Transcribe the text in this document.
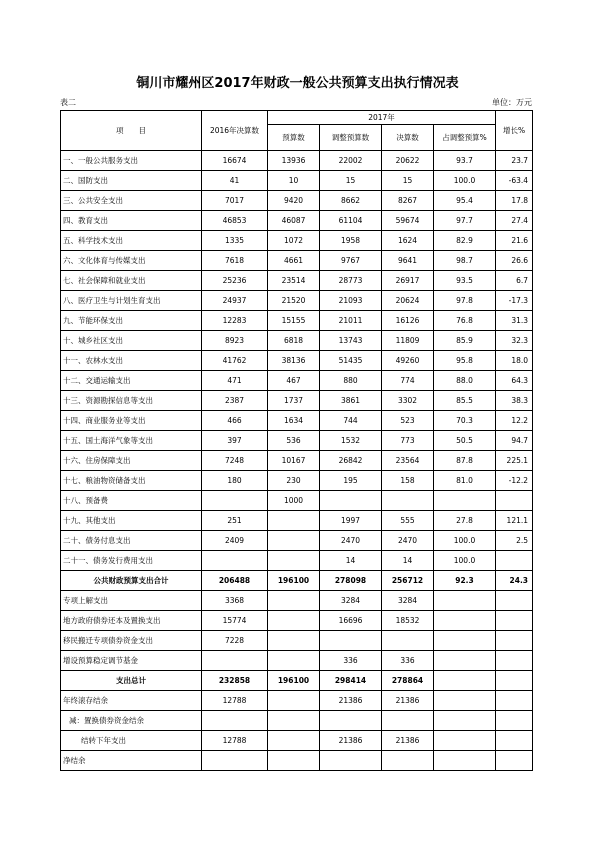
铜川市耀州区2017年财政一般公共预算支出执行情况表
表二	单位：万元
项　　目	2016年决算数	2017年				增长%
		预算数	调整预算数	决算数	占调整预算%	
一、一般公共服务支出	16674	13936	22002	20622	93.7	23.7
二、国防支出	41	10	15	15	100.0	-63.4
三、公共安全支出	7017	9420	8662	8267	95.4	17.8
四、教育支出	46853	46087	61104	59674	97.7	27.4
五、科学技术支出	1335	1072	1958	1624	82.9	21.6
六、文化体育与传媒支出	7618	4661	9767	9641	98.7	26.6
七、社会保障和就业支出	25236	23514	28773	26917	93.5	6.7
八、医疗卫生与计划生育支出	24937	21520	21093	20624	97.8	-17.3
九、节能环保支出	12283	15155	21011	16126	76.8	31.3
十、城乡社区支出	8923	6818	13743	11809	85.9	32.3
十一、农林水支出	41762	38136	51435	49260	95.8	18.0
十二、交通运输支出	471	467	880	774	88.0	64.3
十三、资源勘探信息等支出	2387	1737	3861	3302	85.5	38.3
十四、商业服务业等支出	466	1634	744	523	70.3	12.2
十五、国土海洋气象等支出	397	536	1532	773	50.5	94.7
十六、住房保障支出	7248	10167	26842	23564	87.8	225.1
十七、粮油物资储备支出	180	230	195	158	81.0	-12.2
十八、预备费		1000				
十九、其他支出	251		1997	555	27.8	121.1
二十、债务付息支出	2409		2470	2470	100.0	2.5
二十一、债务发行费用支出			14	14	100.0	
公共财政预算支出合计	206488	196100	278098	256712	92.3	24.3
专项上解支出	3368		3284	3284		
地方政府债券还本及置换支出	15774		16696	18532		
移民搬迁专项债券资金支出	7228					
增设预算稳定调节基金			336	336		
支出总计	232858	196100	298414	278864		
年终滚存结余	12788		21386	21386		
减：置换债券资金结余						
结转下年支出	12788		21386	21386		
净结余						
